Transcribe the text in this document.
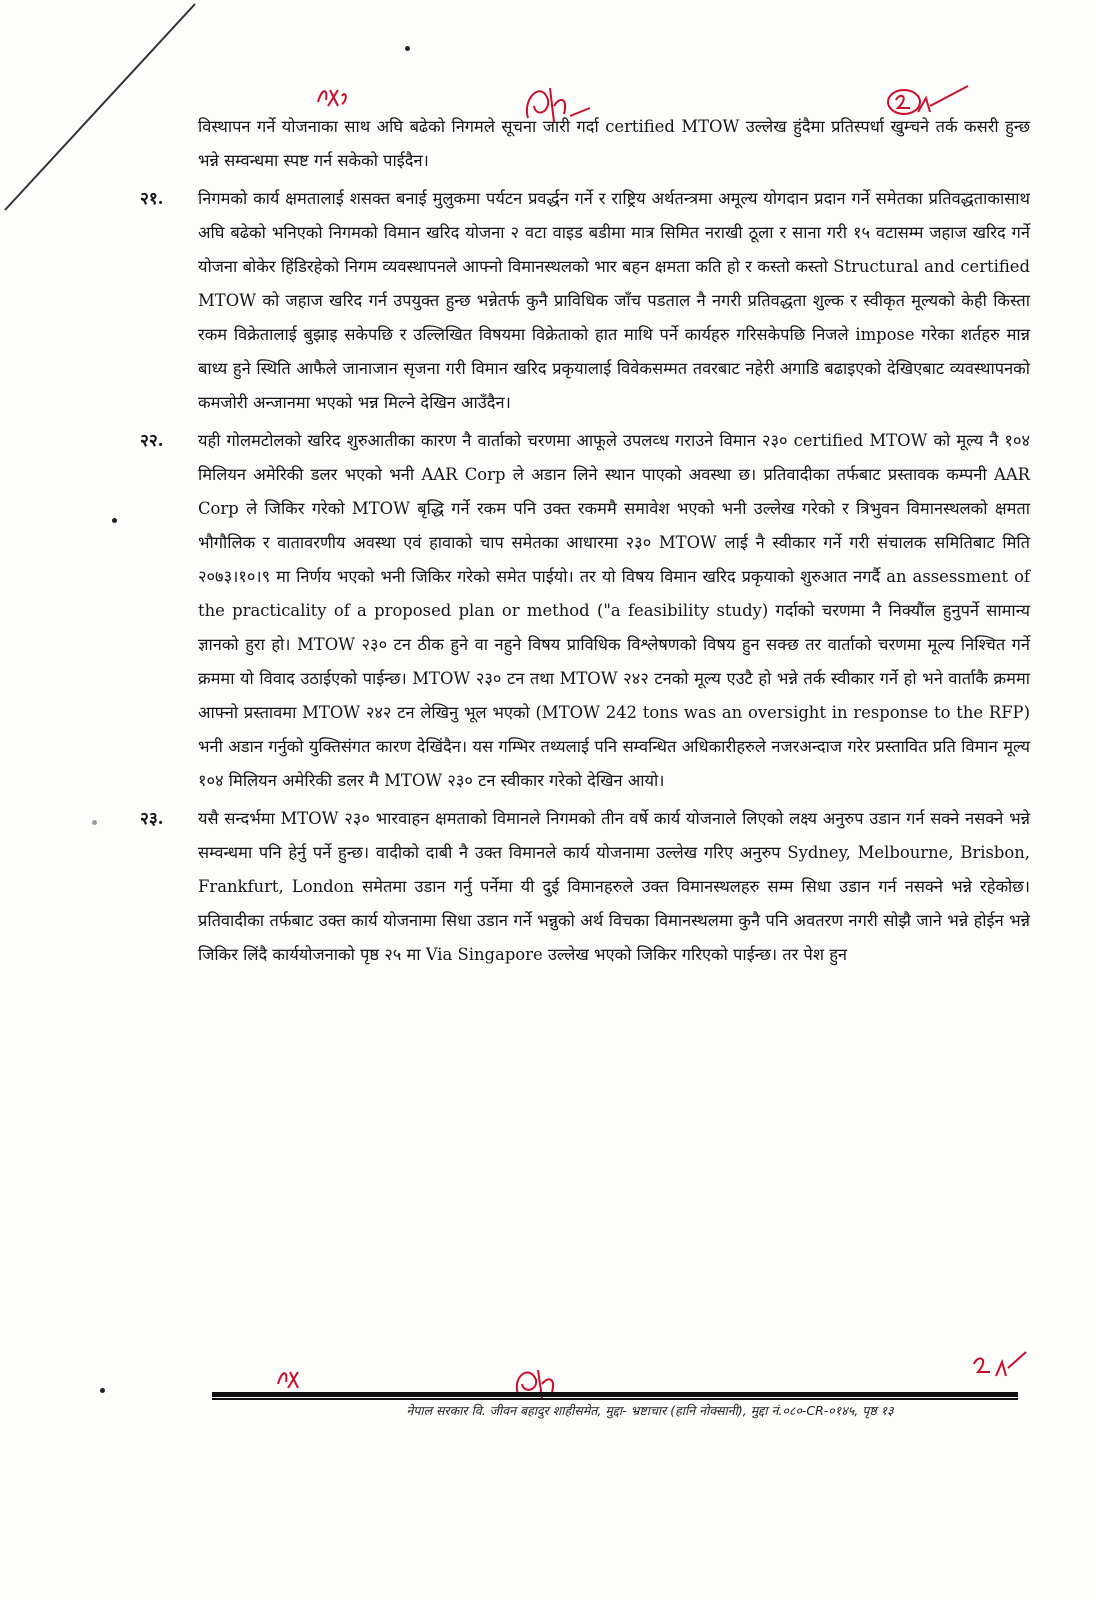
विस्थापन गर्ने योजनाका साथ अघि बढेको निगमले सूचना जारी गर्दा certified MTOW उल्लेख हुंदैमा प्रतिस्पर्धा खुम्चने तर्क कसरी हुन्छ भन्ने सम्वन्धमा स्पष्ट गर्न सकेको पाईदैन।

२१. निगमको कार्य क्षमतालाई शसक्त बनाई मुलुकमा पर्यटन प्रवर्द्धन गर्ने र राष्ट्रिय अर्थतन्त्रमा अमूल्य योगदान प्रदान गर्ने समेतका प्रतिवद्धताकासाथ अघि बढेको भनिएको निगमको विमान खरिद योजना २ वटा वाइड बडीमा मात्र सिमित नराखी ठूला र साना गरी १५ वटासम्म जहाज खरिद गर्ने योजना बोकेर हिंडिरहेको निगम व्यवस्थापनले आफ्नो विमानस्थलको भार बहन क्षमता कति हो र कस्तो कस्तो Structural and certified MTOW को जहाज खरिद गर्न उपयुक्त हुन्छ भन्नेतर्फ कुनै प्राविधिक जाँच पडताल नै नगरी प्रतिवद्धता शुल्क र स्वीकृत मूल्यको केही किस्ता रकम विक्रेतालाई बुझाइ सकेपछि र उल्लिखित विषयमा विक्रेताको हात माथि पर्ने कार्यहरु गरिसकेपछि निजले impose गरेका शर्तहरु मान्न बाध्य हुने स्थिति आफैले जानाजान सृजना गरी विमान खरिद प्रकृयालाई विवेकसम्मत तवरबाट नहेरी अगाडि बढाइएको देखिएबाट व्यवस्थापनको कमजोरी अन्जानमा भएको भन्न मिल्ने देखिन आउँदैन।
२२. यही गोलमटोलको खरिद शुरुआतीका कारण नै वार्ताको चरणमा आफूले उपलव्ध गराउने विमान २३० certified MTOW को मूल्य नै १०४ मिलियन अमेरिकी डलर भएको भनी AAR Corp ले अडान लिने स्थान पाएको अवस्था छ। प्रतिवादीका तर्फबाट प्रस्तावक कम्पनी AAR Corp ले जिकिर गरेको MTOW बृद्धि गर्ने रकम पनि उक्त रकममै समावेश भएको भनी उल्लेख गरेको र त्रिभुवन विमानस्थलको क्षमता भौगौलिक र वातावरणीय अवस्था एवं हावाको चाप समेतका आधारमा २३० MTOW लाई नै स्वीकार गर्ने गरी संचालक समितिबाट मिति २०७३।१०।९ मा निर्णय भएको भनी जिकिर गरेको समेत पाईयो। तर यो विषय विमान खरिद प्रकृयाको शुरुआत नगर्दै an assessment of the practicality of a proposed plan or method ("a feasibility study) गर्दाको चरणमा नै निक्यौंल हुनुपर्ने सामान्य ज्ञानको हुरा हो। MTOW २३० टन ठीक हुने वा नहुने विषय प्राविधिक विश्लेषणको विषय हुन सक्छ तर वार्ताको चरणमा मूल्य निश्चित गर्ने क्रममा यो विवाद उठाईएको पाईन्छ। MTOW २३० टन तथा MTOW २४२ टनको मूल्य एउटै हो भन्ने तर्क स्वीकार गर्ने हो भने वार्ताकै क्रममा आफ्नो प्रस्तावमा MTOW २४२ टन लेखिनु भूल भएको (MTOW 242 tons was an oversight in response to the RFP) भनी अडान गर्नुको युक्तिसंगत कारण देखिंदैन। यस गम्भिर तथ्यलाई पनि सम्वन्धित अधिकारीहरुले नजरअन्दाज गरेर प्रस्तावित प्रति विमान मूल्य १०४ मिलियन अमेरिकी डलर मै MTOW २३० टन स्वीकार गरेको देखिन आयो।
२३. यसै सन्दर्भमा MTOW २३० भारवाहन क्षमताको विमानले निगमको तीन वर्षे कार्य योजनाले लिएको लक्ष्य अनुरुप उडान गर्न सक्ने नसक्ने भन्ने सम्वन्धमा पनि हेर्नु पर्ने हुन्छ। वादीको दाबी नै उक्त विमानले कार्य योजनामा उल्लेख गरिए अनुरुप Sydney, Melbourne, Brisbon, Frankfurt, London समेतमा उडान गर्नु पर्नेमा यी दुई विमानहरुले उक्त विमानस्थलहरु सम्म सिधा उडान गर्न नसक्ने भन्ने रहेकोछ। प्रतिवादीका तर्फबाट उक्त कार्य योजनामा सिधा उडान गर्ने भन्नुको अर्थ विचका विमानस्थलमा कुनै पनि अवतरण नगरी सोझै जाने भन्ने होईन भन्ने जिकिर लिंदै कार्ययोजनाको पृष्ठ २५ मा Via Singapore उल्लेख भएको जिकिर गरिएको पाईन्छ। तर पेश हुन
नेपाल सरकार वि. जीवन बहादुर शाहीसमेत, मुद्दा- भ्रष्टाचार (हानि नोक्सानी), मुद्दा नं.०८०-CR-०१४५, पृष्ठ १३
